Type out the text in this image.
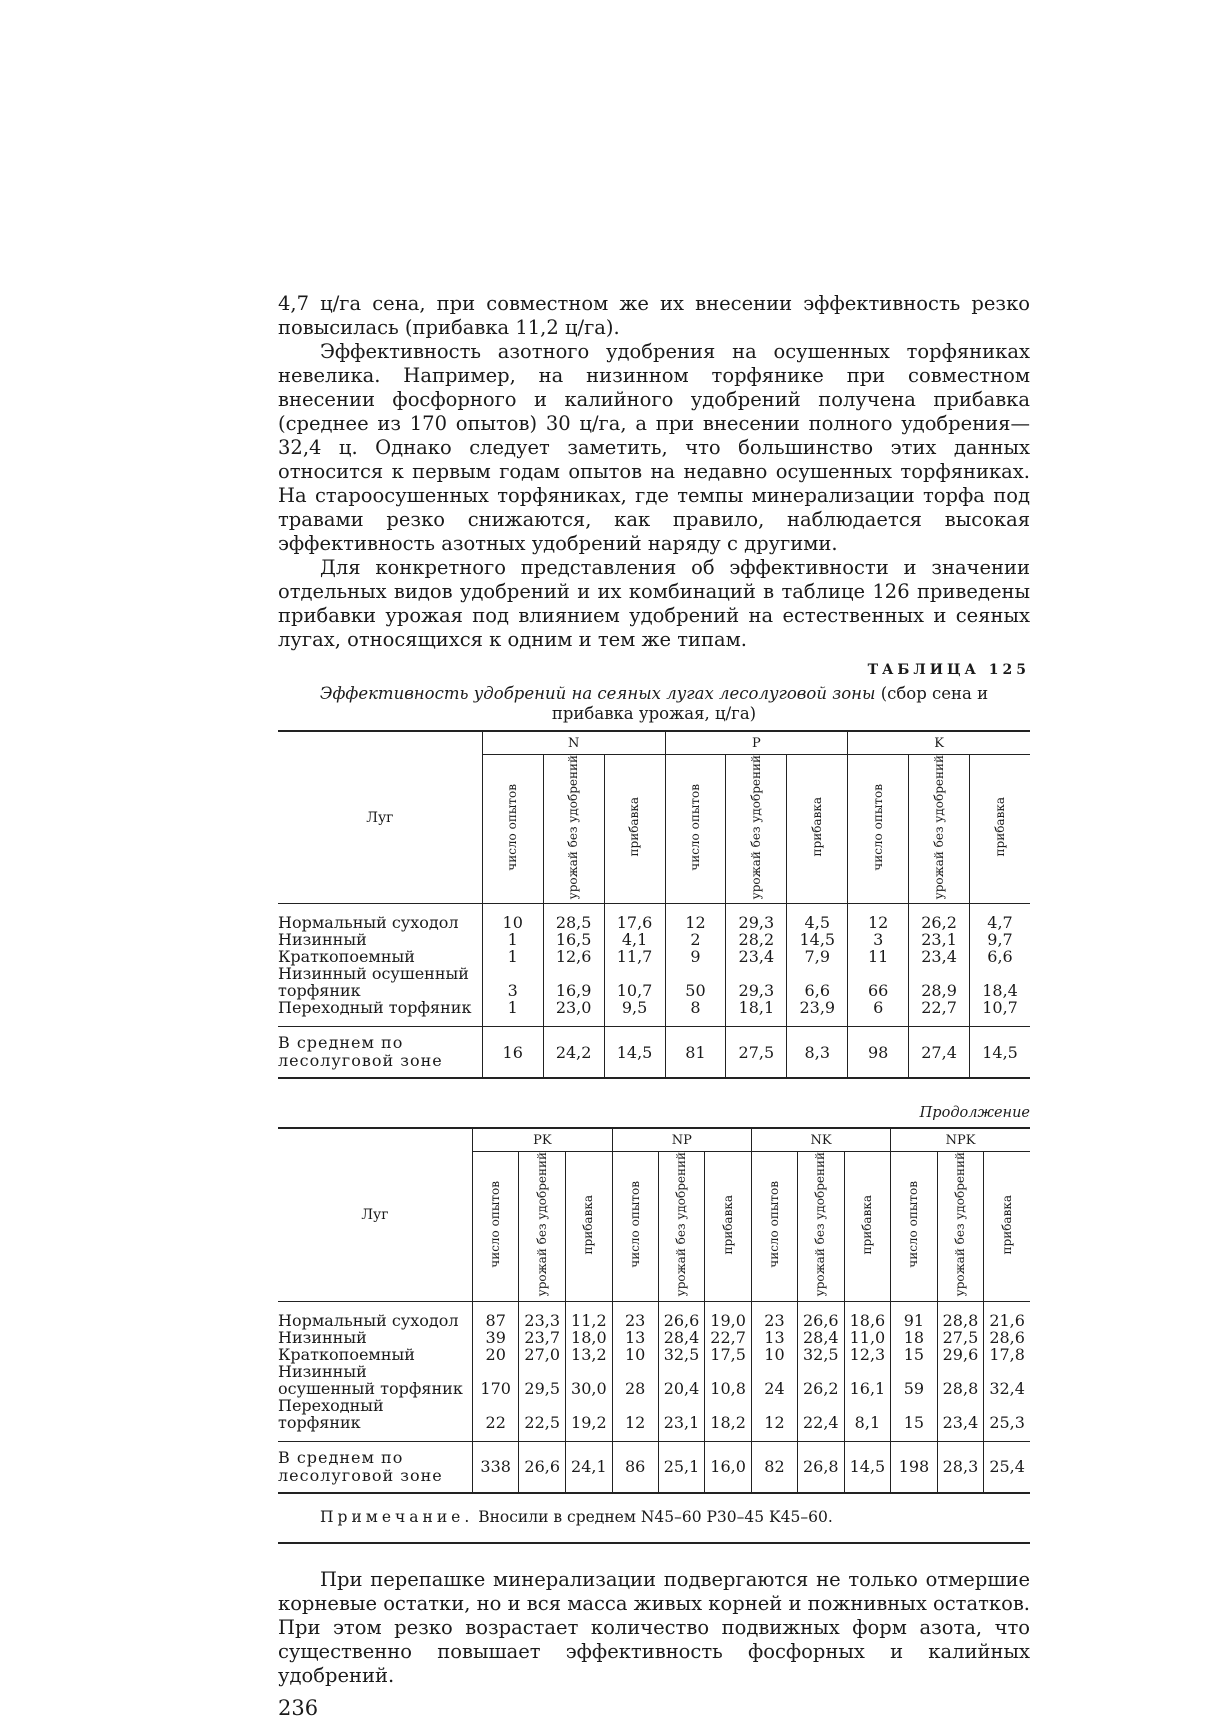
4,7 ц/га сена, при совместном же их внесении эффективность резко повысилась (прибавка 11,2 ц/га).

Эффективность азотного удобрения на осушенных торфяниках невелика. Например, на низинном торфянике при совместном внесении фосфорного и калийного удобрений получена прибавка (среднее из 170 опытов) 30 ц/га, а при внесении полного удобрения—32,4 ц. Однако следует заметить, что большинство этих данных относится к первым годам опытов на недавно осушенных торфяниках. На староосушенных торфяниках, где темпы минерализации торфа под травами резко снижаются, как правило, наблюдается высокая эффективность азотных удобрений наряду с другими.

Для конкретного представления об эффективности и значении отдельных видов удобрений и их комбинаций в таблице 126 приведены прибавки урожая под влиянием удобрений на естественных и сеяных лугах, относящихся к одним и тем же типам.

ТАБЛИЦА 125
Эффективность удобрений на сеяных лугах лесолуговой зоны (сбор сена и прибавка урожая, ц/га)
Луг	N			P			K		
	число опытов	урожай без удобрений	прибавка	число опытов	урожай без удобрений	прибавка	число опытов	урожай без удобрений	прибавка

Нормальный суходол	10	28,5	17,6	12	29,3	4,5	12	26,2	4,7
Низинный	1	16,5	4,1	2	28,2	14,5	3	23,1	9,7
Краткопоемный	1	12,6	11,7	9	23,4	7,9	11	23,4	6,6
Низинный осушенный торфяник	3	16,9	10,7	50	29,3	6,6	66	28,9	18,4
Переходный торфяник	1	23,0	9,5	8	18,1	23,9	6	22,7	10,7

В среднем по лесолуговой зоне	16	24,2	14,5	81	27,5	8,3	98	27,4	14,5
Продолжение
Луг	PK			NP			NK			NPK		
	число опытов	урожай без удобрений	прибавка	число опытов	урожай без удобрений	прибавка	число опытов	урожай без удобрений	прибавка	число опытов	урожай без удобрений	прибавка

Нормальный суходол	87	23,3	11,2	23	26,6	19,0	23	26,6	18,6	91	28,8	21,6
Низинный	39	23,7	18,0	13	28,4	22,7	13	28,4	11,0	18	27,5	28,6
Краткопоемный	20	27,0	13,2	10	32,5	17,5	10	32,5	12,3	15	29,6	17,8
Низинный осушенный торфяник	170	29,5	30,0	28	20,4	10,8	24	26,2	16,1	59	28,8	32,4
Переходный торфяник	22	22,5	19,2	12	23,1	18,2	12	22,4	8,1	15	23,4	25,3

В среднем по лесолуговой зоне	338	26,6	24,1	86	25,1	16,0	82	26,8	14,5	198	28,3	25,4
Примечание. Вносили в среднем N45–60 P30–45 K45–60.

При перепашке минерализации подвергаются не только отмершие корневые остатки, но и вся масса живых корней и пожнивных остатков. При этом резко возрастает количество подвижных форм азота, что существенно повышает эффективность фосфорных и калийных удобрений.

236
